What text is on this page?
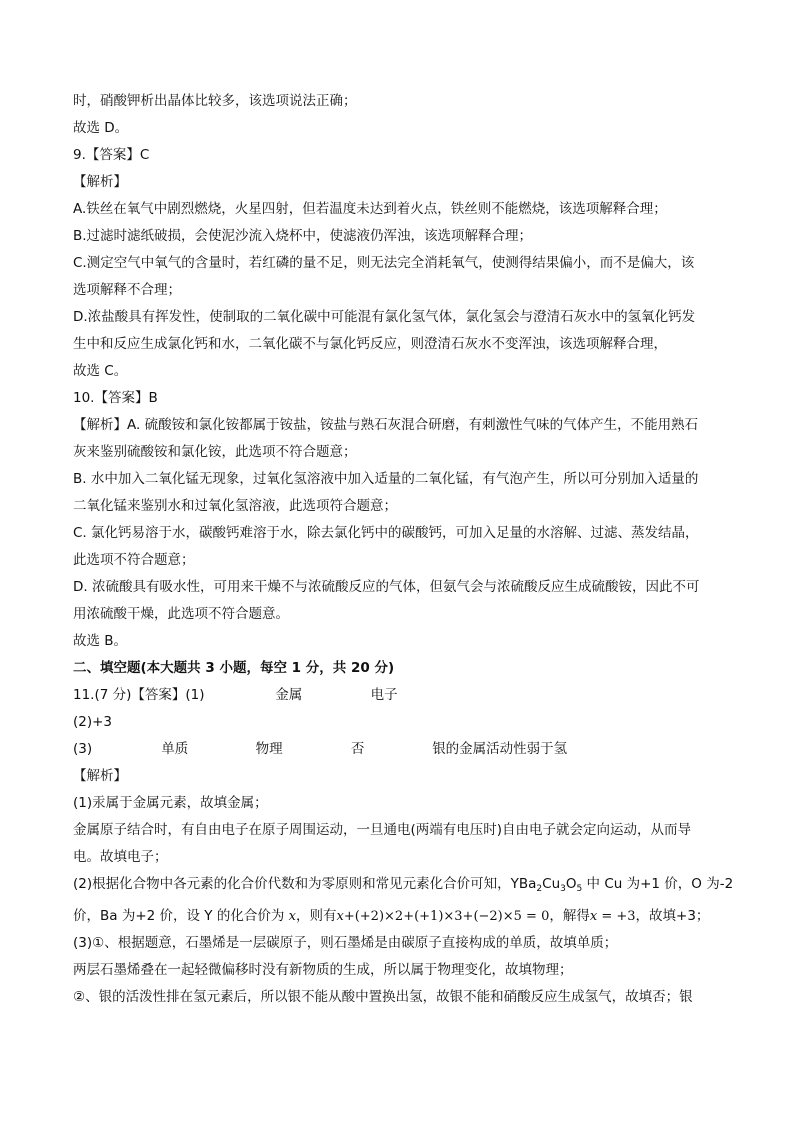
时，硝酸钾析出晶体比较多，该选项说法正确；
故选 D。
9.【答案】C
【解析】
A.铁丝在氧气中剧烈燃烧，火星四射，但若温度未达到着火点，铁丝则不能燃烧，该选项解释合理；
B.过滤时滤纸破损，会使泥沙流入烧杯中，使滤液仍浑浊，该选项解释合理；
C.测定空气中氧气的含量时，若红磷的量不足，则无法完全消耗氧气，使测得结果偏小，而不是偏大，该
选项解释不合理；
D.浓盐酸具有挥发性，使制取的二氧化碳中可能混有氯化氢气体，氯化氢会与澄清石灰水中的氢氧化钙发
生中和反应生成氯化钙和水，二氧化碳不与氯化钙反应，则澄清石灰水不变浑浊，该选项解释合理，
故选 C。
10.【答案】B
【解析】A. 硫酸铵和氯化铵都属于铵盐，铵盐与熟石灰混合研磨，有刺激性气味的气体产生，不能用熟石
灰来鉴别硫酸铵和氯化铵，此选项不符合题意；
B. 水中加入二氧化锰无现象，过氧化氢溶液中加入适量的二氧化锰，有气泡产生，所以可分别加入适量的
二氧化锰来鉴别水和过氧化氢溶液，此选项符合题意；
C. 氯化钙易溶于水，碳酸钙难溶于水，除去氯化钙中的碳酸钙，可加入足量的水溶解、过滤、蒸发结晶，
此选项不符合题意；
D. 浓硫酸具有吸水性，可用来干燥不与浓硫酸反应的气体，但氨气会与浓硫酸反应生成硫酸铵，因此不可
用浓硫酸干燥，此选项不符合题意。
故选 B。
二、填空题(本大题共 3 小题，每空 1 分，共 20 分)
11.(7 分)【答案】(1)	金属	电子
(2)+3
(3)	单质	物理	否	银的金属活动性弱于氢
【解析】
(1)汞属于金属元素，故填金属；
金属原子结合时，有自由电子在原子周围运动，一旦通电(两端有电压时)自由电子就会定向运动，从而导
电。故填电子；
(2)根据化合物中各元素的化合价代数和为零原则和常见元素化合价可知，$YBa_2Cu_3O_5$ 中 Cu 为+1 价，O 为-2
价，Ba 为+2 价，设 Y 的化合价为 x，则有x+(+2)×2+(+1)×3+(−2)×5 = 0，解得x = +3，故填+3；
(3)①、根据题意，石墨烯是一层碳原子，则石墨烯是由碳原子直接构成的单质，故填单质；
两层石墨烯叠在一起轻微偏移时没有新物质的生成，所以属于物理变化，故填物理；
②、银的活泼性排在氢元素后，所以银不能从酸中置换出氢，故银不能和硝酸反应生成氢气，故填否；银
